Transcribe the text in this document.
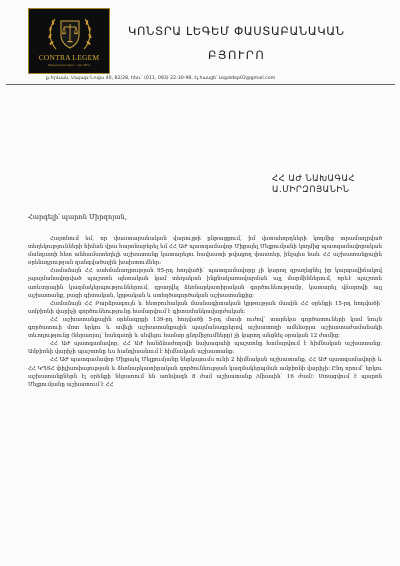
CONTRA LEGEM
Юридическое бюро · Law office
ԿՈՆՏՐԱ ԼԵԳԵՄ ՓԱՍՏԱԲԱՆԱԿԱՆ
ԲՅՈՒՐՈ
ք.Երևան, Սայաթ-Նովա 40, 82/28, հեռ.՝ (011, 093) 22-30-98, էլ.հասցե՝ Legaldep02@gmail.com
ՀՀ ԱԺ ՆԱԽԱԳԱՀ
Ա.ՄԻՐԶՈՅԱՆԻՆ
Հարգելի՛ պարոն Միրզոյան,

Հայտնում եմ, որ փաստաբանական վարույթի ընթացքում, իմ վստահորդների կողմից տրամադրված տեղեկությունների հիման վրա հայտնաբերել եմ ՀՀ ԱԺ պատգամավոր Միքայել Մելքումյանի կողմից պատգամավորական մանդատի հետ անհամատեղելի աշխատանք կատարելու հավաստի թվացող փաստեր, ինչպես նաև ՀՀ աշխատանքային օրենսդրության զանգվածային խախտումներ:

Համաձայն ՀՀ սահմանադրության 95-րդ հոդվածի՝ պատգամավորը չի կարող զբաղեցնել իր կարգավիճակով չպայմանավորված պաշտոն պետական կամ տեղական ինքնակառավարման այլ մարմիններում, որևէ պաշտոն առևտրային կազմակերպություններում, զբաղվել ձեռնարկատիրական գործունեությամբ, կատարել վճարովի այլ աշխատանք, բացի գիտական, կրթական և ստեղծագործական աշխատանքից:

Համաձայն ՀՀ Բարձրագույն և հետբուհական մասնագիտական կրթության մասին ՀՀ օրենքի 15-րդ հոդվածի՝ ամբիոնի վարիչի գործունեությունը համարվում է գիտամանկավարժական:

ՀՀ աշխատանքային օրենսգրքի 139-րդ հոդվածի 5-րդ մասի ուժով՝ տարեկա գործատուների կամ նույն գործատուի մոտ երկու և ավելի աշխատանքային պայմանագրերով աշխատողի ամենօրյա աշխատաժամանակի տևողությունը (ներառյալ՝ հանգստի և սնվելու համար ընդմիջումները) չի կարող անցնել օրական 12 ժամից:

ՀՀ ԱԺ պատգամավոր, ՀՀ ԱԺ հանձնաժողովի նախագահի պաշտոնը համարվում է հիմնական աշխատանք: Ամբիոնի վարիչի պաշտոնը ևս հանդիսանում է հիմնական աշխատանք:

ՀՀ ԱԺ պատգամավոր Միքայել Մելքումյանը ներկայումս ունի 2 հիմնական աշխատանք, ՀՀ ԱԺ պատգամավորի և ՀՀ ԿՊՏՀ փիլիսոփայության և ձեռնարկատիրական գործունեության կազմակերպման ամբիոնի վարիչի: Ընդ որում՝ երկու աշխատանքներն էլ օրենքի ներառում են առնվազն 8 ժամ աշխատանք /միասին՝ 16 ժամ/: Ստացվում է պարոն Մելքումյանը աշխատում է ՀՀ
